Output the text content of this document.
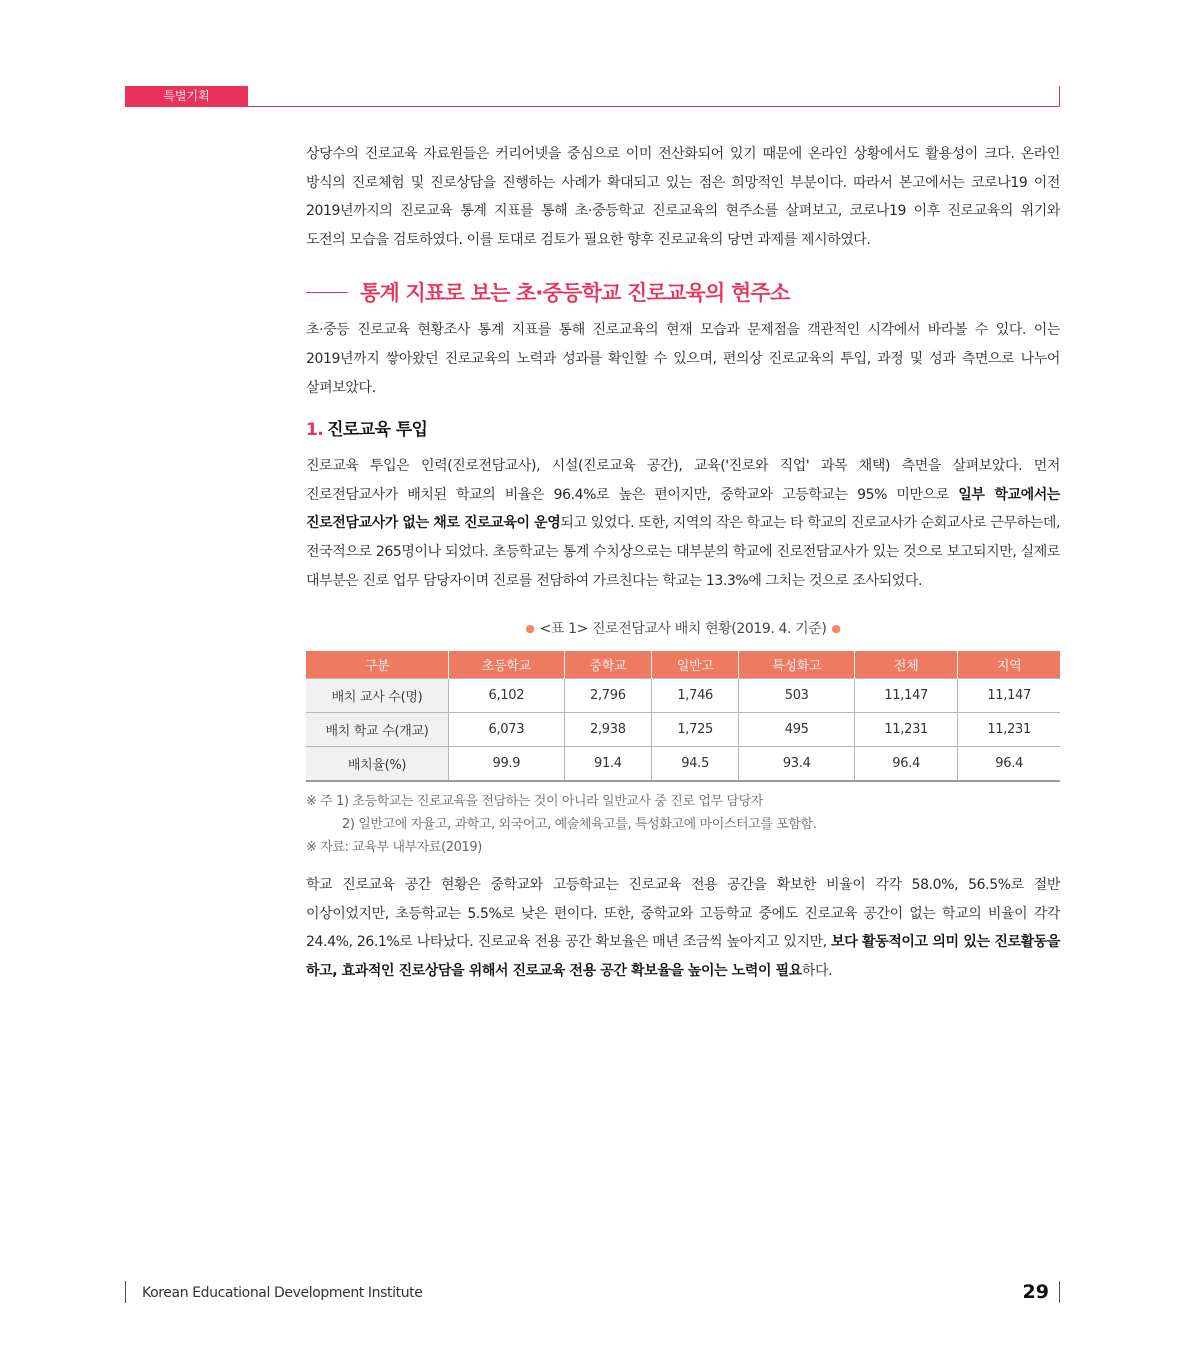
특별기획

상당수의 진로교육 자료원들은 커리어넷을 중심으로 이미 전산화되어 있기 때문에 온라인 상황에서도 활용성이 크다. 온라인 방식의 진로체험 및 진로상담을 진행하는 사례가 확대되고 있는 점은 희망적인 부분이다. 따라서 본고에서는 코로나19 이전 2019년까지의 진로교육 통계 지표를 통해 초·중등학교 진로교육의 현주소를 살펴보고, 코로나19 이후 진로교육의 위기와 도전의 모습을 검토하였다. 이를 토대로 검토가 필요한 향후 진로교육의 당면 과제를 제시하였다.

통계 지표로 보는 초·중등학교 진로교육의 현주소

초·중등 진로교육 현황조사 통계 지표를 통해 진로교육의 현재 모습과 문제점을 객관적인 시각에서 바라볼 수 있다. 이는 2019년까지 쌓아왔던 진로교육의 노력과 성과를 확인할 수 있으며, 편의상 진로교육의 투입, 과정 및 성과 측면으로 나누어 살펴보았다.

1. 진로교육 투입

진로교육 투입은 인력(진로전담교사), 시설(진로교육 공간), 교육('진로와 직업' 과목 채택) 측면을 살펴보았다. 먼저 진로전담교사가 배치된 학교의 비율은 96.4%로 높은 편이지만, 중학교와 고등학교는 95% 미만으로 일부 학교에서는 진로전담교사가 없는 채로 진로교육이 운영되고 있었다. 또한, 지역의 작은 학교는 타 학교의 진로교사가 순회교사로 근무하는데, 전국적으로 265명이나 되었다. 초등학교는 통계 수치상으로는 대부분의 학교에 진로전담교사가 있는 것으로 보고되지만, 실제로 대부분은 진로 업무 담당자이며 진로를 전담하여 가르친다는 학교는 13.3%에 그치는 것으로 조사되었다.

● <표 1> 진로전담교사 배치 현황(2019. 4. 기준) ●
구분	초등학교	중학교	일반고	특성화고	전체	지역
배치 교사 수(명)	6,102	2,796	1,746	503	11,147	11,147
배치 학교 수(개교)	6,073	2,938	1,725	495	11,231	11,231
배치율(%)	99.9	91.4	94.5	93.4	96.4	96.4
※ 주 1) 초등학교는 진로교육을 전담하는 것이 아니라 일반교사 중 진로 업무 담당자
2) 일반고에 자율고, 과학고, 외국어고, 예술체육고를, 특성화고에 마이스터고를 포함함.
※ 자료: 교육부 내부자료(2019)

학교 진로교육 공간 현황은 중학교와 고등학교는 진로교육 전용 공간을 확보한 비율이 각각 58.0%, 56.5%로 절반 이상이었지만, 초등학교는 5.5%로 낮은 편이다. 또한, 중학교와 고등학교 중에도 진로교육 공간이 없는 학교의 비율이 각각 24.4%, 26.1%로 나타났다. 진로교육 전용 공간 확보율은 매년 조금씩 높아지고 있지만, 보다 활동적이고 의미 있는 진로활동을 하고, 효과적인 진로상담을 위해서 진로교육 전용 공간 확보율을 높이는 노력이 필요하다.

Korean Educational Development Institute	29
